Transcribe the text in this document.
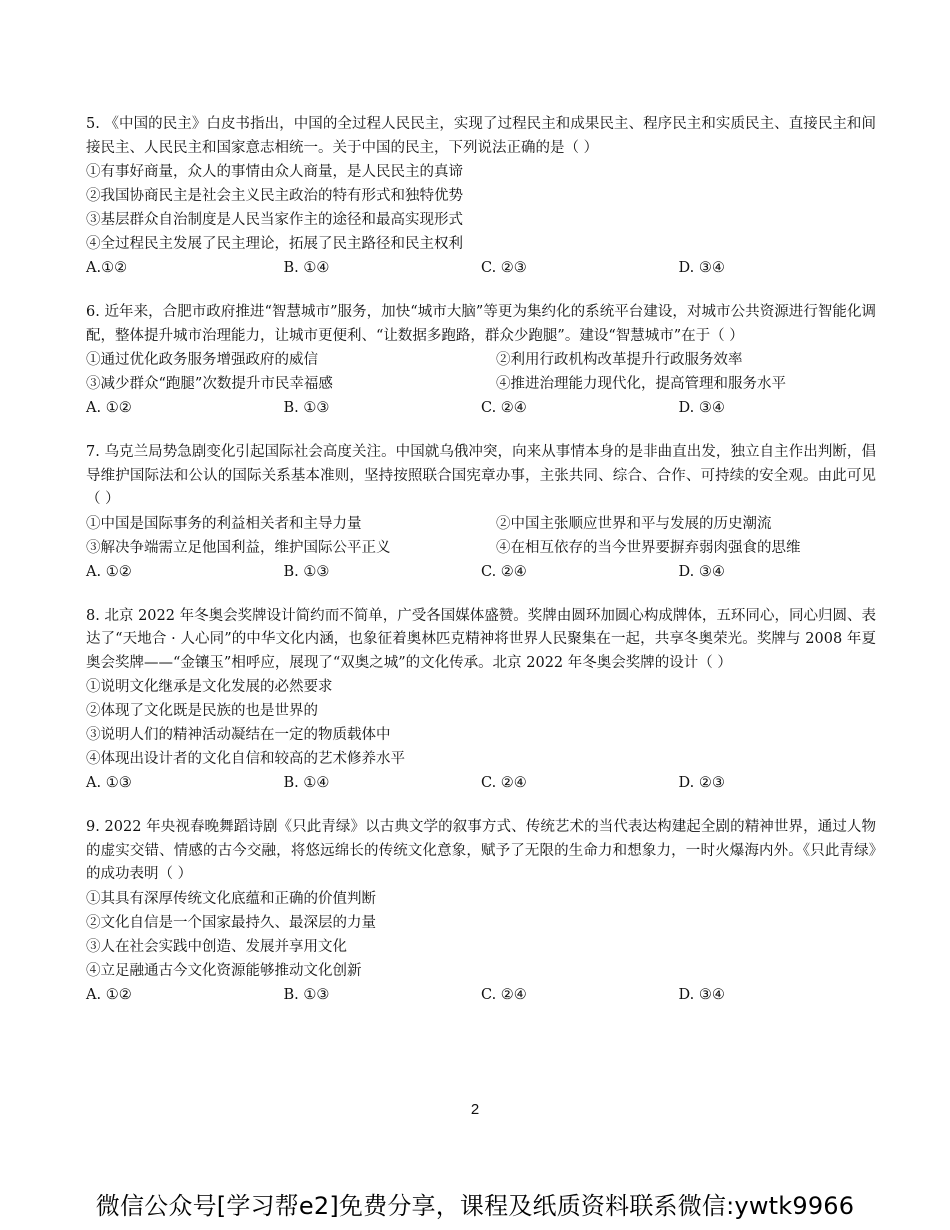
5. 《中国的民主》白皮书指出，中国的全过程人民民主，实现了过程民主和成果民主、程序民主和实质民主、直接民主和间接民主、人民民主和国家意志相统一。关于中国的民主，下列说法正确的是（ ）
①有事好商量，众人的事情由众人商量，是人民民主的真谛
②我国协商民主是社会主义民主政治的特有形式和独特优势
③基层群众自治制度是人民当家作主的途径和最高实现形式
④全过程民主发展了民主理论，拓展了民主路径和民主权利
A.①②	B. ①④	C. ②③	D. ③④
6. 近年来，合肥市政府推进“智慧城市”服务，加快“城市大脑”等更为集约化的系统平台建设，对城市公共资源进行智能化调配，整体提升城市治理能力，让城市更便利、“让数据多跑路，群众少跑腿”。建设“智慧城市”在于（ ）
①通过优化政务服务增强政府的威信	②利用行政机构改革提升行政服务效率
③减少群众“跑腿”次数提升市民幸福感	④推进治理能力现代化，提高管理和服务水平
A. ①②	B. ①③	C. ②④	D. ③④
7. 乌克兰局势急剧变化引起国际社会高度关注。中国就乌俄冲突，向来从事情本身的是非曲直出发，独立自主作出判断，倡导维护国际法和公认的国际关系基本准则，坚持按照联合国宪章办事，主张共同、综合、合作、可持续的安全观。由此可见（ ）
①中国是国际事务的利益相关者和主导力量	②中国主张顺应世界和平与发展的历史潮流
③解决争端需立足他国利益，维护国际公平正义	④在相互依存的当今世界要摒弃弱肉强食的思维
A. ①②	B. ①③	C. ②④	D. ③④
8. 北京 2022 年冬奥会奖牌设计简约而不简单，广受各国媒体盛赞。奖牌由圆环加圆心构成牌体，五环同心，同心归圆、表达了“天地合 · 人心同”的中华文化内涵，也象征着奥林匹克精神将世界人民聚集在一起，共享冬奥荣光。奖牌与 2008 年夏奥会奖牌——“金镶玉”相呼应，展现了“双奥之城”的文化传承。北京 2022 年冬奥会奖牌的设计（ ）
①说明文化继承是文化发展的必然要求
②体现了文化既是民族的也是世界的
③说明人们的精神活动凝结在一定的物质载体中
④体现出设计者的文化自信和较高的艺术修养水平
A. ①③	B. ①④	C. ②④	D. ②③
9. 2022 年央视春晚舞蹈诗剧《只此青绿》以古典文学的叙事方式、传统艺术的当代表达构建起全剧的精神世界，通过人物的虚实交错、情感的古今交融，将悠远绵长的传统文化意象，赋予了无限的生命力和想象力，一时火爆海内外。《只此青绿》的成功表明（ ）
①其具有深厚传统文化底蕴和正确的价值判断
②文化自信是一个国家最持久、最深层的力量
③人在社会实践中创造、发展并享用文化
④立足融通古今文化资源能够推动文化创新
A. ①②	B. ①③	C. ②④	D. ③④
2
微信公众号[学习帮e2]免费分享，课程及纸质资料联系微信:ywtk9966
